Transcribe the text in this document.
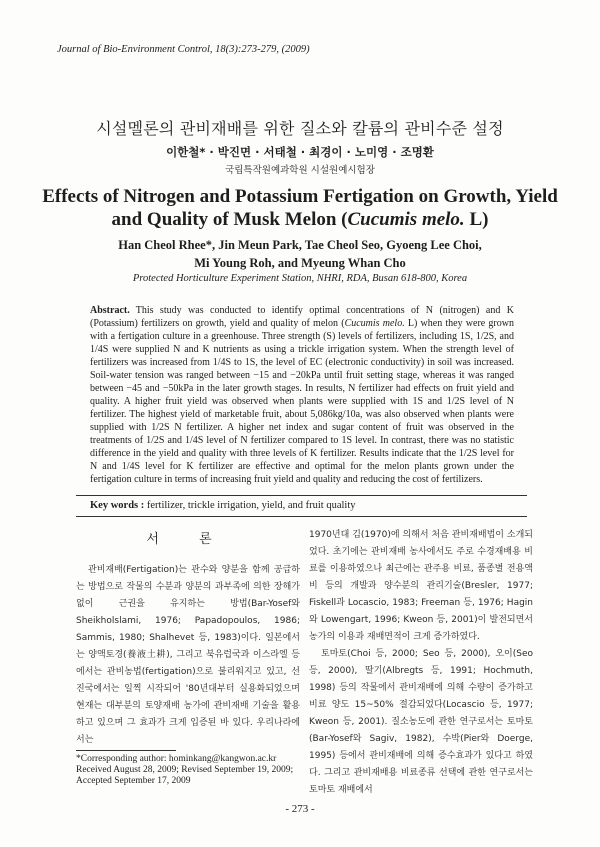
Journal of Bio-Environment Control, 18(3):273-279, (2009)
시설멜론의 관비재배를 위한 질소와 칼륨의 관비수준 설정
이한철* · 박진면 · 서태철 · 최경이 · 노미영 · 조명환
국립특작원예과학원 시설원예시험장
Effects of Nitrogen and Potassium Fertigation on Growth, Yield and Quality of Musk Melon (Cucumis melo. L)
Han Cheol Rhee*, Jin Meun Park, Tae Cheol Seo, Gyoeng Lee Choi,
Mi Young Roh, and Myeung Whan Cho
Protected Horticulture Experiment Station, NHRI, RDA, Busan 618-800, Korea
Abstract. This study was conducted to identify optimal concentrations of N (nitrogen) and K (Potassium) fertilizers on growth, yield and quality of melon (Cucumis melo. L) when they were grown with a fertigation culture in a greenhouse. Three strength (S) levels of fertilizers, including 1S, 1/2S, and 1/4S were supplied N and K nutrients as using a trickle irrigation system. When the strength level of fertilizers was increased from 1/4S to 1S, the level of EC (electronic conductivity) in soil was increased. Soil-water tension was ranged between −15 and −20kPa until fruit setting stage, whereas it was ranged between −45 and −50kPa in the later growth stages. In results, N fertilizer had effects on fruit yield and quality. A higher fruit yield was observed when plants were supplied with 1S and 1/2S level of N fertilizer. The highest yield of marketable fruit, about 5,086kg/10a, was also observed when plants were supplied with 1/2S N fertilizer. A higher net index and sugar content of fruit was observed in the treatments of 1/2S and 1/4S level of N fertilizer compared to 1S level. In contrast, there was no statistic difference in the yield and quality with three levels of K fertilizer. Results indicate that the 1/2S level for N and 1/4S level for K fertilizer are effective and optimal for the melon plants grown under the fertigation culture in terms of increasing fruit yield and quality and reducing the cost of fertilizers.
Key words : fertilizer, trickle irrigation, yield, and fruit quality
서 론

관비재배(Fertigation)는 관수와 양분을 함께 공급하는 방법으로 작물의 수분과 양분의 과부족에 의한 장해가 없이 근권을 유지하는 방법(Bar-Yosef와 Sheikholslami, 1976; Papadopoulos, 1986; Sammis, 1980; Shalhevet 등, 1983)이다. 일본에서는 양액토경(養液土耕), 그리고 북유럽국과 이스라엘 등에서는 관비농법(fertigation)으로 불리워지고 있고, 선진국에서는 일찍 시작되어 '80년대부터 실용화되었으며 현재는 대부분의 토양재배 농가에 관비재배 기술을 활용하고 있으며 그 효과가 크게 입증된 바 있다. 우리나라에서는

1970년대 김(1970)에 의해서 처음 관비재배법이 소개되었다. 초기에는 관비재배 농사에서도 주로 수경재배용 비료를 이용하였으나 최근에는 관주용 비료, 품종별 전용액비 등의 개발과 양수분의 관리기술(Bresler, 1977; Fiskell과 Locascio, 1983; Freeman 등, 1976; Hagin와 Lowengart, 1996; Kweon 등, 2001)이 발전되면서 농가의 이용과 재배면적이 크게 증가하였다.

토마토(Choi 등, 2000; Seo 등, 2000), 오이(Seo 등, 2000), 딸기(Albregts 등, 1991; Hochmuth, 1998) 등의 작물에서 관비재배에 의해 수량이 증가하고 비료 양도 15~50% 절감되었다(Locascio 등, 1977; Kweon 등, 2001). 질소농도에 관한 연구로서는 토마토(Bar-Yosef와 Sagiv, 1982), 수박(Pier와 Doerge, 1995) 등에서 관비재배에 의해 증수효과가 있다고 하였다. 그리고 관비재배용 비료종류 선택에 관한 연구로서는 토마토 재배에서

*Corresponding author: hominkang@kangwon.ac.kr
Received August 28, 2009; Revised September 19, 2009;
Accepted September 17, 2009
- 273 -
